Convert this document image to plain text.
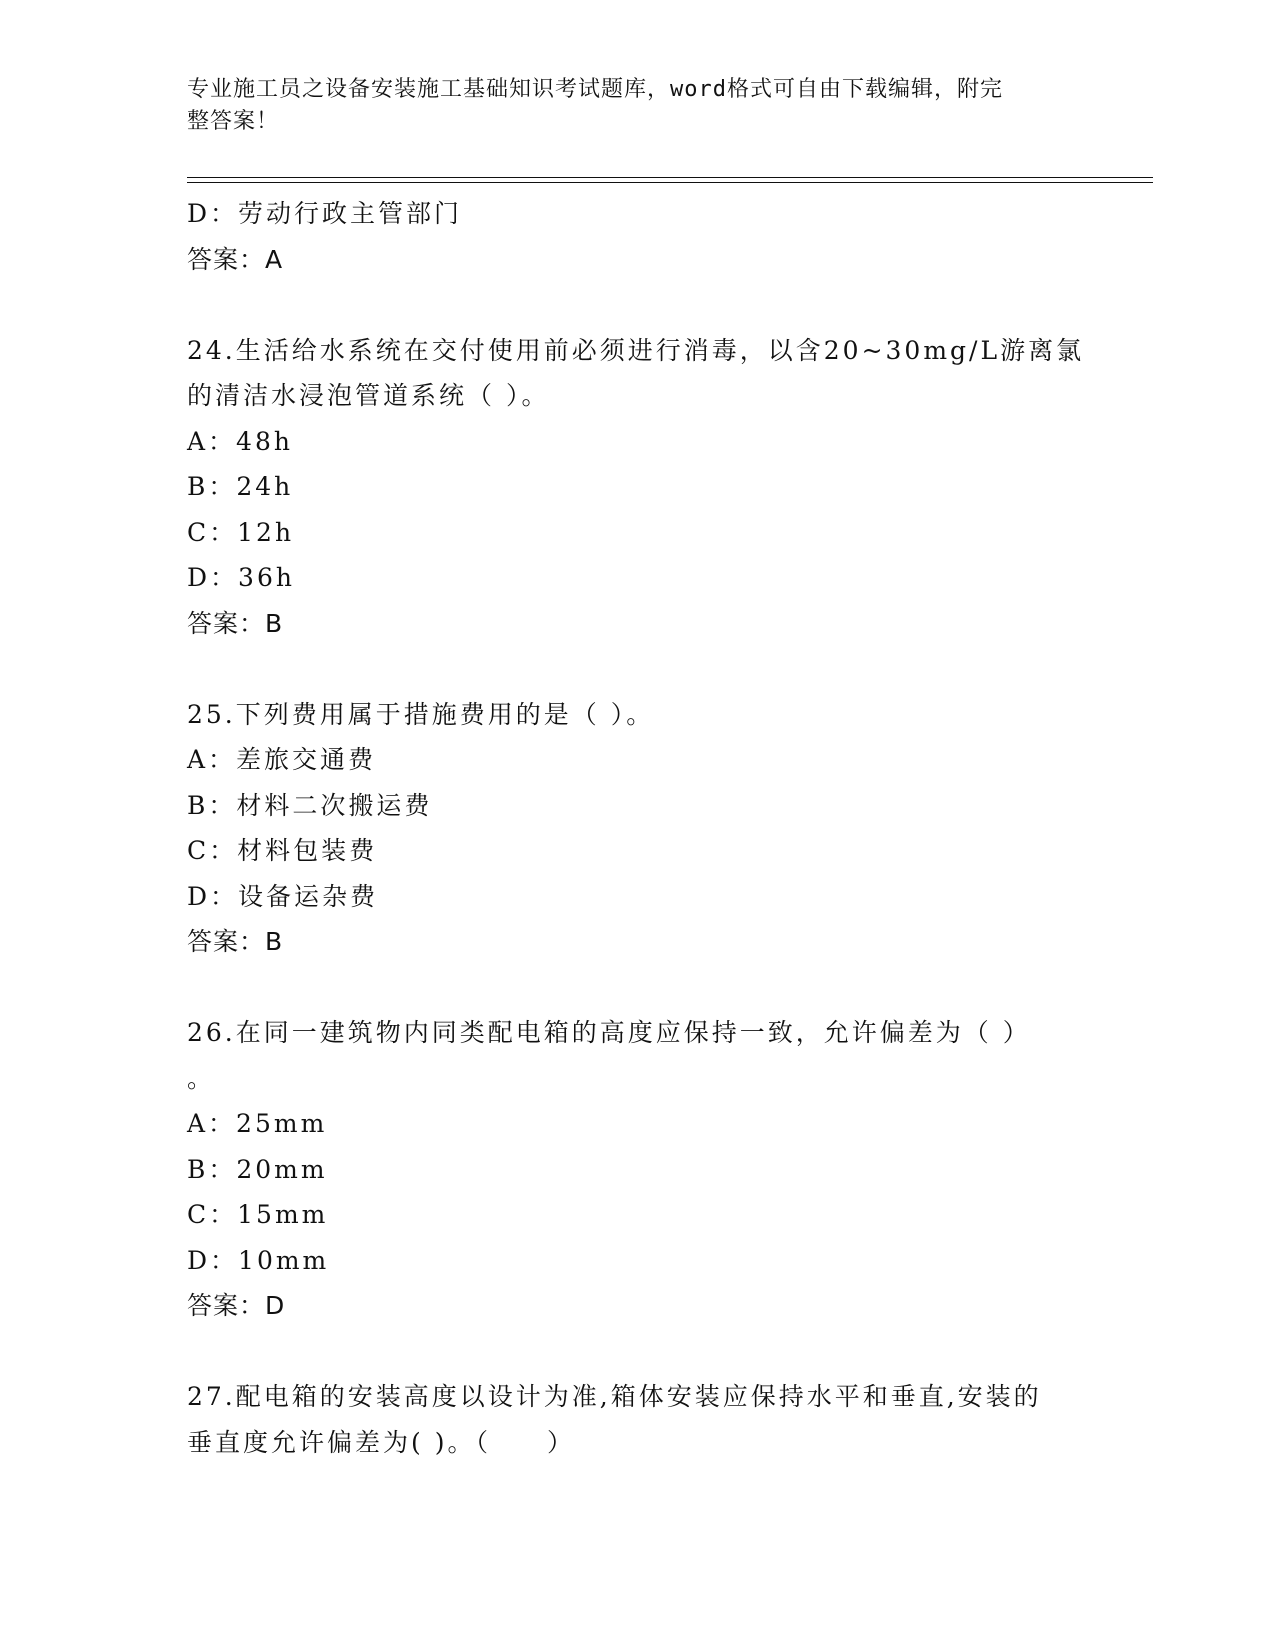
专业施工员之设备安装施工基础知识考试题库，word格式可自由下载编辑，附完
整答案！
D：劳动行政主管部门
答案：A
24.生活给水系统在交付使用前必须进行消毒，以含20~30mg/L游离氯
的清洁水浸泡管道系统（ ）。
A：48h
B：24h
C：12h
D：36h
答案：B
25.下列费用属于措施费用的是（ ）。
A：差旅交通费
B：材料二次搬运费
C：材料包装费
D：设备运杂费
答案：B
26.在同一建筑物内同类配电箱的高度应保持一致，允许偏差为（ ）
。
A：25mm
B：20mm
C：15mm
D：10mm
答案：D
27.配电箱的安装高度以设计为准,箱体安装应保持水平和垂直,安装的
垂直度允许偏差为( )。（　　）
